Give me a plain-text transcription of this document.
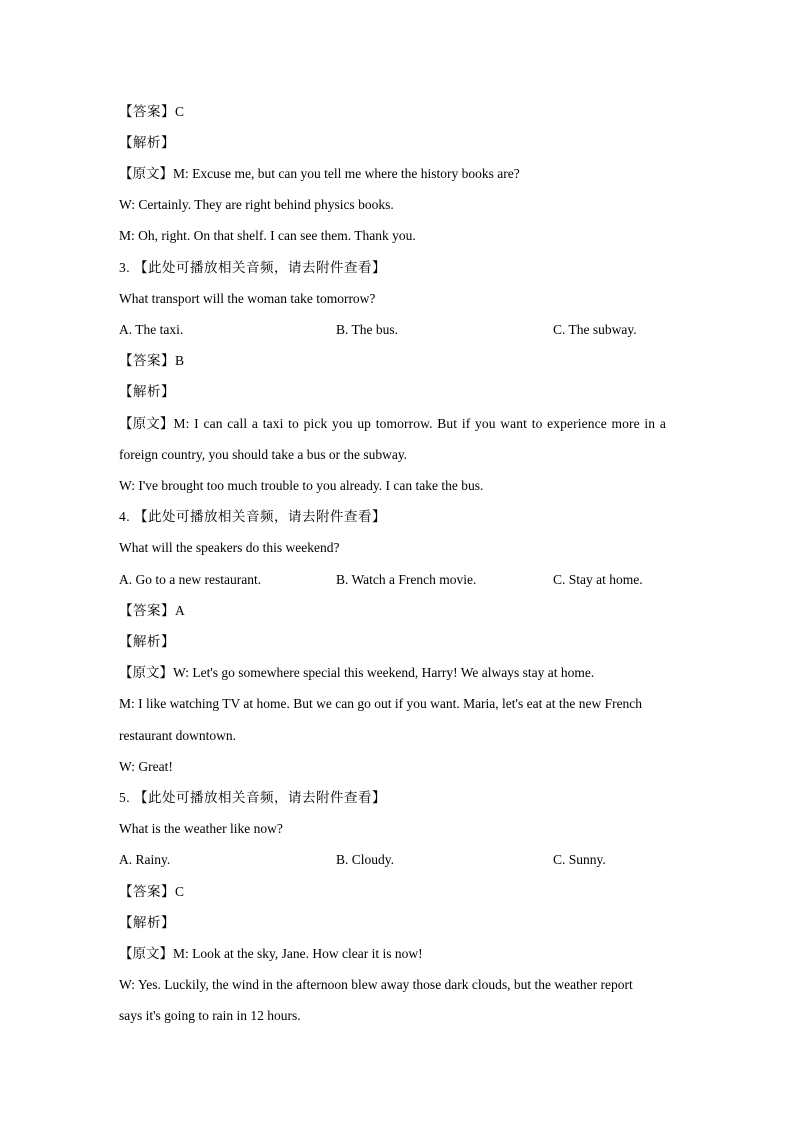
【答案】C
【解析】
【原文】M: Excuse me, but can you tell me where the history books are?
W: Certainly. They are right behind physics books.
M: Oh, right. On that shelf. I can see them. Thank you.
3. 【此处可播放相关音频，请去附件查看】
What transport will the woman take tomorrow?
A. The taxi.	B. The bus.	C. The subway.
【答案】B
【解析】
【原文】M: I can call a taxi to pick you up tomorrow. But if you want to experience more in a
foreign country, you should take a bus or the subway.
W: I've brought too much trouble to you already. I can take the bus.
4. 【此处可播放相关音频，请去附件查看】
What will the speakers do this weekend?
A. Go to a new restaurant.	B. Watch a French movie.	C. Stay at home.
【答案】A
【解析】
【原文】W: Let's go somewhere special this weekend, Harry! We always stay at home.
M: I like watching TV at home. But we can go out if you want. Maria, let's eat at the new French
restaurant downtown.
W: Great!
5. 【此处可播放相关音频，请去附件查看】
What is the weather like now?
A. Rainy.	B. Cloudy.	C. Sunny.
【答案】C
【解析】
【原文】M: Look at the sky, Jane. How clear it is now!
W: Yes. Luckily, the wind in the afternoon blew away those dark clouds, but the weather report
says it's going to rain in 12 hours.
